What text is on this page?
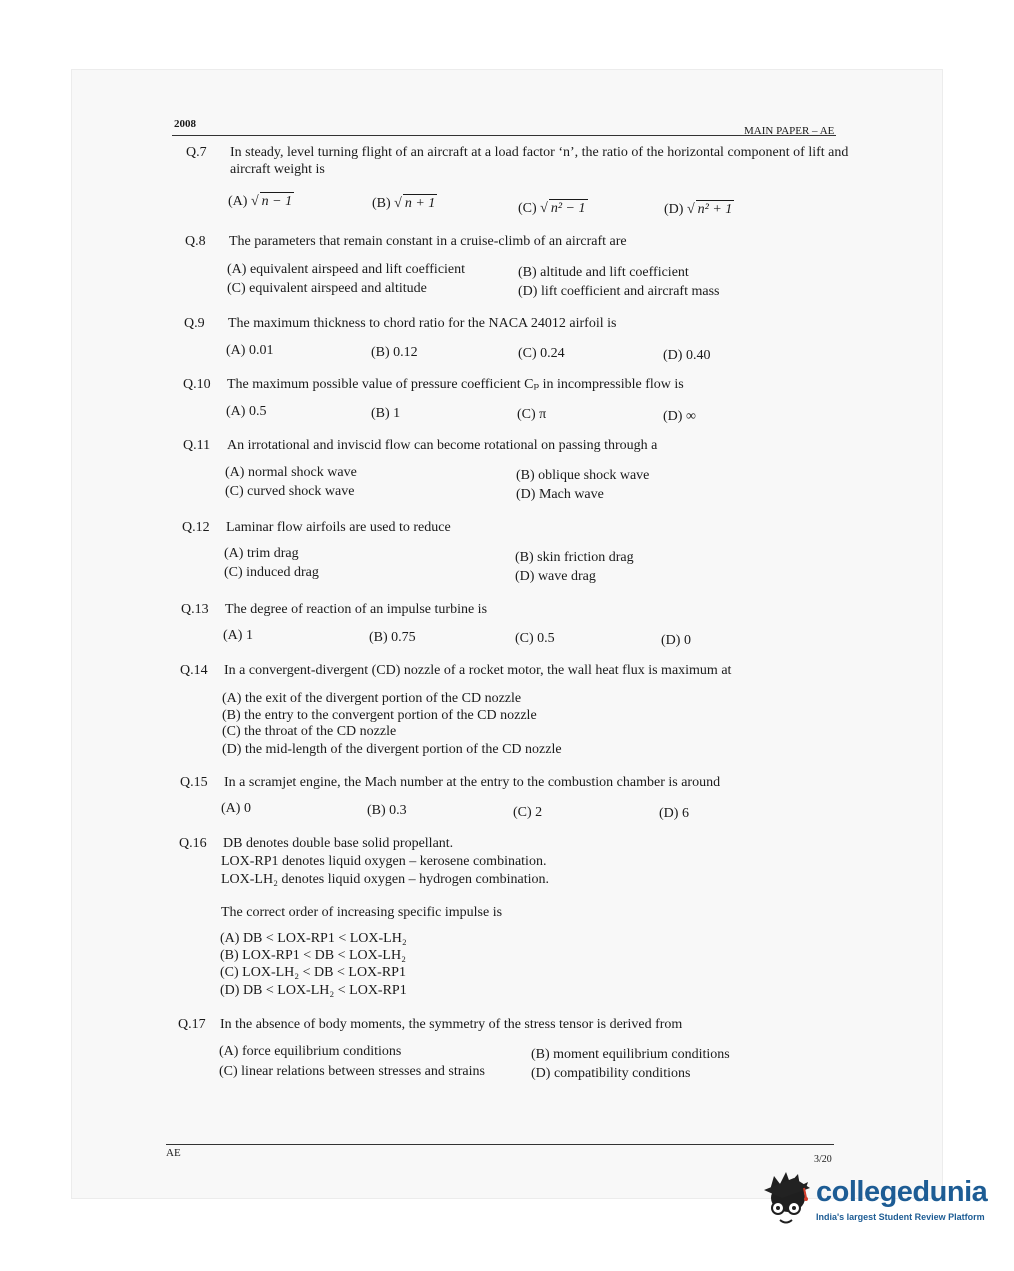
2008
MAIN PAPER – AE
Q.7	In steady, level turning flight of an aircraft at a load factor ‘n’, the ratio of the horizontal component of lift and aircraft weight is
(A) √ n − 1	(B) √ n + 1	(C) √ n² − 1	(D) √ n² + 1
Q.8	The parameters that remain constant in a cruise-climb of an aircraft are
(A) equivalent airspeed and lift coefficient	(B) altitude and lift coefficient
(C) equivalent airspeed and altitude	(D) lift coefficient and aircraft mass
Q.9	The maximum thickness to chord ratio for the NACA 24012 airfoil is
(A) 0.01	(B) 0.12	(C) 0.24	(D) 0.40
Q.10	The maximum possible value of pressure coefficient Cₚ in incompressible flow is
(A) 0.5	(B) 1	(C) π	(D) ∞
Q.11	An irrotational and inviscid flow can become rotational on passing through a
(A) normal shock wave	(B) oblique shock wave
(C) curved shock wave	(D) Mach wave
Q.12	Laminar flow airfoils are used to reduce
(A) trim drag	(B) skin friction drag
(C) induced drag	(D) wave drag
Q.13	The degree of reaction of an impulse turbine is
(A) 1	(B) 0.75	(C) 0.5	(D) 0
Q.14	In a convergent-divergent (CD) nozzle of a rocket motor, the wall heat flux is maximum at
(A) the exit of the divergent portion of the CD nozzle
(B) the entry to the convergent portion of the CD nozzle
(C) the throat of the CD nozzle
(D) the mid-length of the divergent portion of the CD nozzle
Q.15	In a scramjet engine, the Mach number at the entry to the combustion chamber is around
(A) 0	(B) 0.3	(C) 2	(D) 6
Q.16	DB denotes double base solid propellant.
LOX-RP1 denotes liquid oxygen – kerosene combination.
LOX-LH₂ denotes liquid oxygen – hydrogen combination.
The correct order of increasing specific impulse is
(A) DB < LOX-RP1 < LOX-LH₂
(B) LOX-RP1 < DB < LOX-LH₂
(C) LOX-LH₂ < DB < LOX-RP1
(D) DB < LOX-LH₂ < LOX-RP1
Q.17	In the absence of body moments, the symmetry of the stress tensor is derived from
(A) force equilibrium conditions	(B) moment equilibrium conditions
(C) linear relations between stresses and strains	(D) compatibility conditions
AE
3/20
collegedunia
India's largest Student Review Platform
